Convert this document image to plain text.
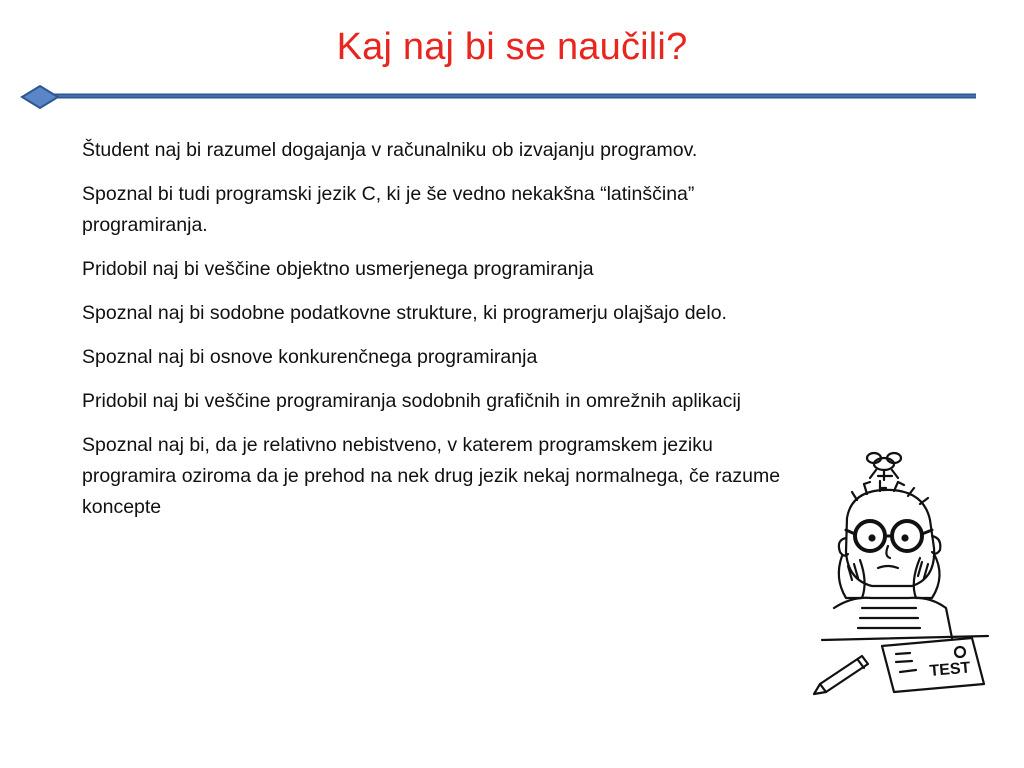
Kaj naj bi se naučili?
Študent naj bi razumel dogajanja v računalniku ob izvajanju programov.
Spoznal bi tudi programski jezik C, ki je še vedno nekakšna “latinščina” programiranja.
Pridobil naj bi veščine objektno usmerjenega programiranja
Spoznal naj bi sodobne podatkovne strukture, ki programerju olajšajo delo.
Spoznal naj bi osnove konkurenčnega programiranja
Pridobil naj bi veščine programiranja sodobnih grafičnih in omrežnih aplikacij
Spoznal naj bi, da je relativno nebistveno, v katerem programskem jeziku programira oziroma da je prehod na nek drug jezik nekaj normalnega, če razume koncepte
TEST
